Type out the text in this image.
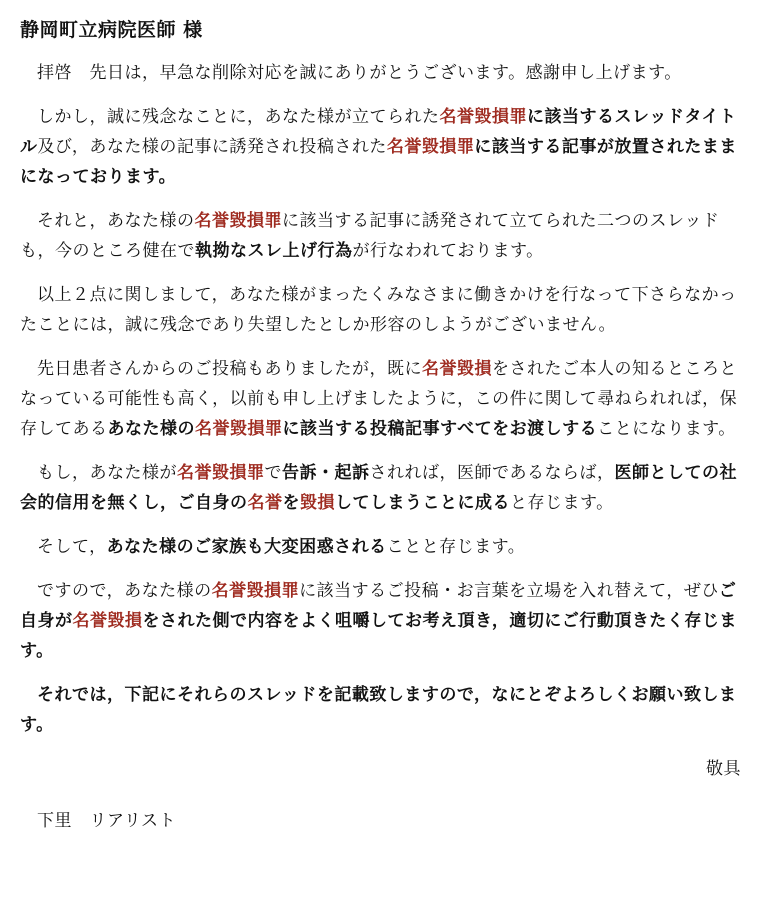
静岡町立病院医師 様

拝啓　先日は，早急な削除対応を誠にありがとうございます。感謝申し上げます。

しかし，誠に残念なことに，あなた様が立てられた名誉毀損罪に該当するスレッドタイトル及び，あなた様の記事に誘発され投稿された名誉毀損罪に該当する記事が放置されたままになっております。

それと，あなた様の名誉毀損罪に該当する記事に誘発されて立てられた二つのスレッドも，今のところ健在で執拗なスレ上げ行為が行なわれております。

以上２点に関しまして，あなた様がまったくみなさまに働きかけを行なって下さらなかったことには，誠に残念であり失望したとしか形容のしようがございません。

先日患者さんからのご投稿もありましたが，既に名誉毀損をされたご本人の知るところとなっている可能性も高く，以前も申し上げましたように，この件に関して尋ねられれば，保存してあるあなた様の名誉毀損罪に該当する投稿記事すべてをお渡しすることになります。

もし，あなた様が名誉毀損罪で告訴・起訴されれば，医師であるならば，医師としての社会的信用を無くし，ご自身の名誉を毀損してしまうことに成ると存じます。

そして，あなた様のご家族も大変困惑されることと存じます。

ですので，あなた様の名誉毀損罪に該当するご投稿・お言葉を立場を入れ替えて，ぜひご自身が名誉毀損をされた側で内容をよく咀嚼してお考え頂き，適切にご行動頂きたく存じます。

それでは，下記にそれらのスレッドを記載致しますので，なにとぞよろしくお願い致します。

敬具
下里　リアリスト
